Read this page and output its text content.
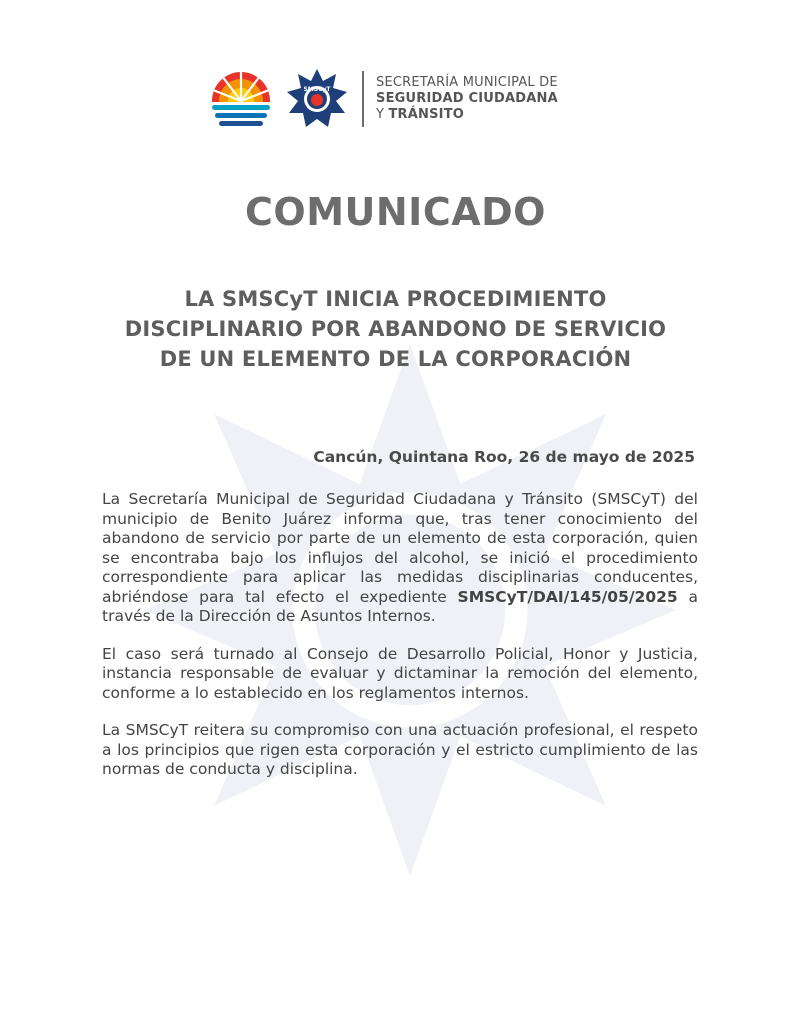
SMSCyT	SECRETARÍA MUNICIPAL DE
SEGURIDAD CIUDADANA
Y TRÁNSITO
COMUNICADO
LA SMSCyT INICIA PROCEDIMIENTO
DISCIPLINARIO POR ABANDONO DE SERVICIO
DE UN ELEMENTO DE LA CORPORACIÓN
Cancún, Quintana Roo, 26 de mayo de 2025

La Secretaría Municipal de Seguridad Ciudadana y Tránsito (SMSCyT) del municipio de Benito Juárez informa que, tras tener conocimiento del abandono de servicio por parte de un elemento de esta corporación, quien se encontraba bajo los influjos del alcohol, se inició el procedimiento correspondiente para aplicar las medidas disciplinarias conducentes, abriéndose para tal efecto el expediente SMSCyT/DAI/145/05/2025 a través de la Dirección de Asuntos Internos.

El caso será turnado al Consejo de Desarrollo Policial, Honor y Justicia, instancia responsable de evaluar y dictaminar la remoción del elemento, conforme a lo establecido en los reglamentos internos.

La SMSCyT reitera su compromiso con una actuación profesional, el respeto a los principios que rigen esta corporación y el estricto cumplimiento de las normas de conducta y disciplina.
